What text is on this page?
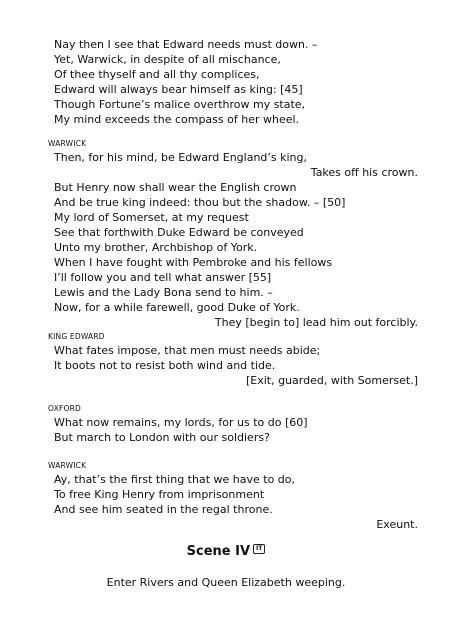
Nay then I see that Edward needs must down. –
Yet, Warwick, in despite of all mischance,
Of thee thyself and all thy complices,
Edward will always bear himself as king: [45]
Though Fortune’s malice overthrow my state,
My mind exceeds the compass of her wheel.
WARWICK
Then, for his mind, be Edward England’s king,
Takes off his crown.
But Henry now shall wear the English crown
And be true king indeed: thou but the shadow. – [50]
My lord of Somerset, at my request
See that forthwith Duke Edward be conveyed
Unto my brother, Archbishop of York.
When I have fought with Pembroke and his fellows
I’ll follow you and tell what answer [55]
Lewis and the Lady Bona send to him. –
Now, for a while farewell, good Duke of York.
They [begin to] lead him out forcibly.
KING EDWARD
What fates impose, that men must needs abide;
It boots not to resist both wind and tide.
[Exit, guarded, with Somerset.]
OXFORD
What now remains, my lords, for us to do [60]
But march to London with our soldiers?
WARWICK
Ay, that’s the first thing that we have to do,
To free King Henry from imprisonment
And see him seated in the regal throne.
Exeunt.
Scene IV IT
Enter Rivers and Queen Elizabeth weeping.
